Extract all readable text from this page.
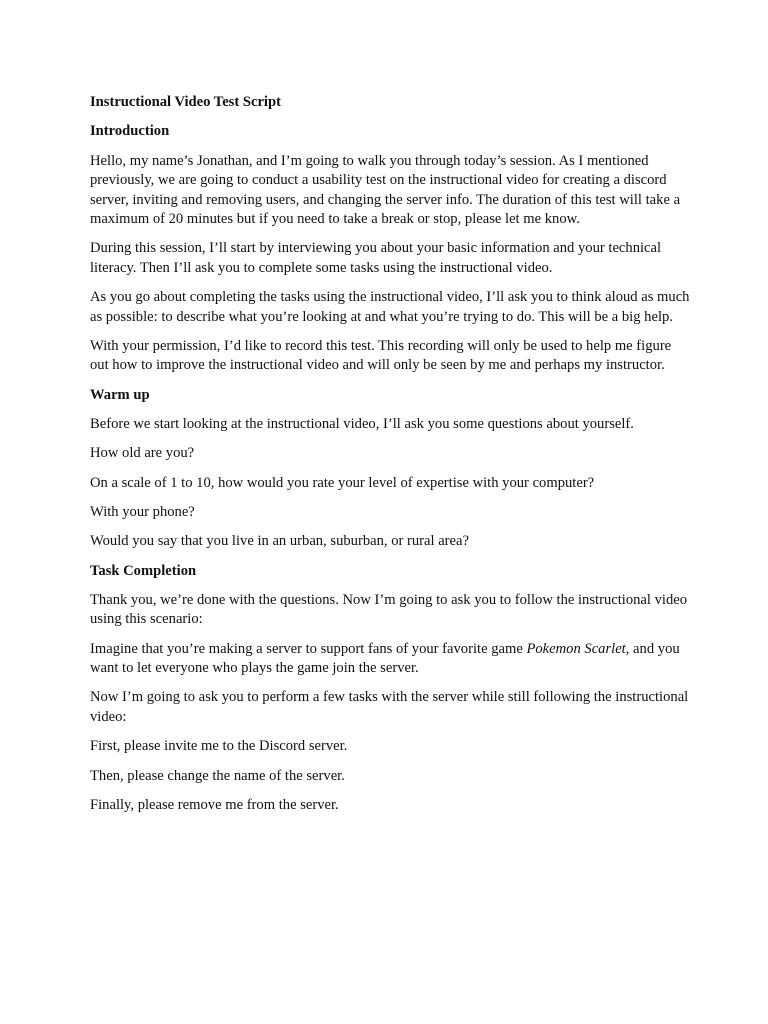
Instructional Video Test Script

Introduction

Hello, my name’s Jonathan, and I’m going to walk you through today’s session. As I mentioned previously, we are going to conduct a usability test on the instructional video for creating a discord server, inviting and removing users, and changing the server info. The duration of this test will take a maximum of 20 minutes but if you need to take a break or stop, please let me know.

During this session, I’ll start by interviewing you about your basic information and your technical literacy. Then I’ll ask you to complete some tasks using the instructional video.

As you go about completing the tasks using the instructional video, I’ll ask you to think aloud as much as possible: to describe what you’re looking at and what you’re trying to do. This will be a big help.

With your permission, I’d like to record this test. This recording will only be used to help me figure out how to improve the instructional video and will only be seen by me and perhaps my instructor.

Warm up

Before we start looking at the instructional video, I’ll ask you some questions about yourself.

How old are you?

On a scale of 1 to 10, how would you rate your level of expertise with your computer?

With your phone?

Would you say that you live in an urban, suburban, or rural area?

Task Completion

Thank you, we’re done with the questions. Now I’m going to ask you to follow the instructional video using this scenario:

Imagine that you’re making a server to support fans of your favorite game Pokemon Scarlet, and you want to let everyone who plays the game join the server.

Now I’m going to ask you to perform a few tasks with the server while still following the instructional video:

First, please invite me to the Discord server.

Then, please change the name of the server.

Finally, please remove me from the server.
